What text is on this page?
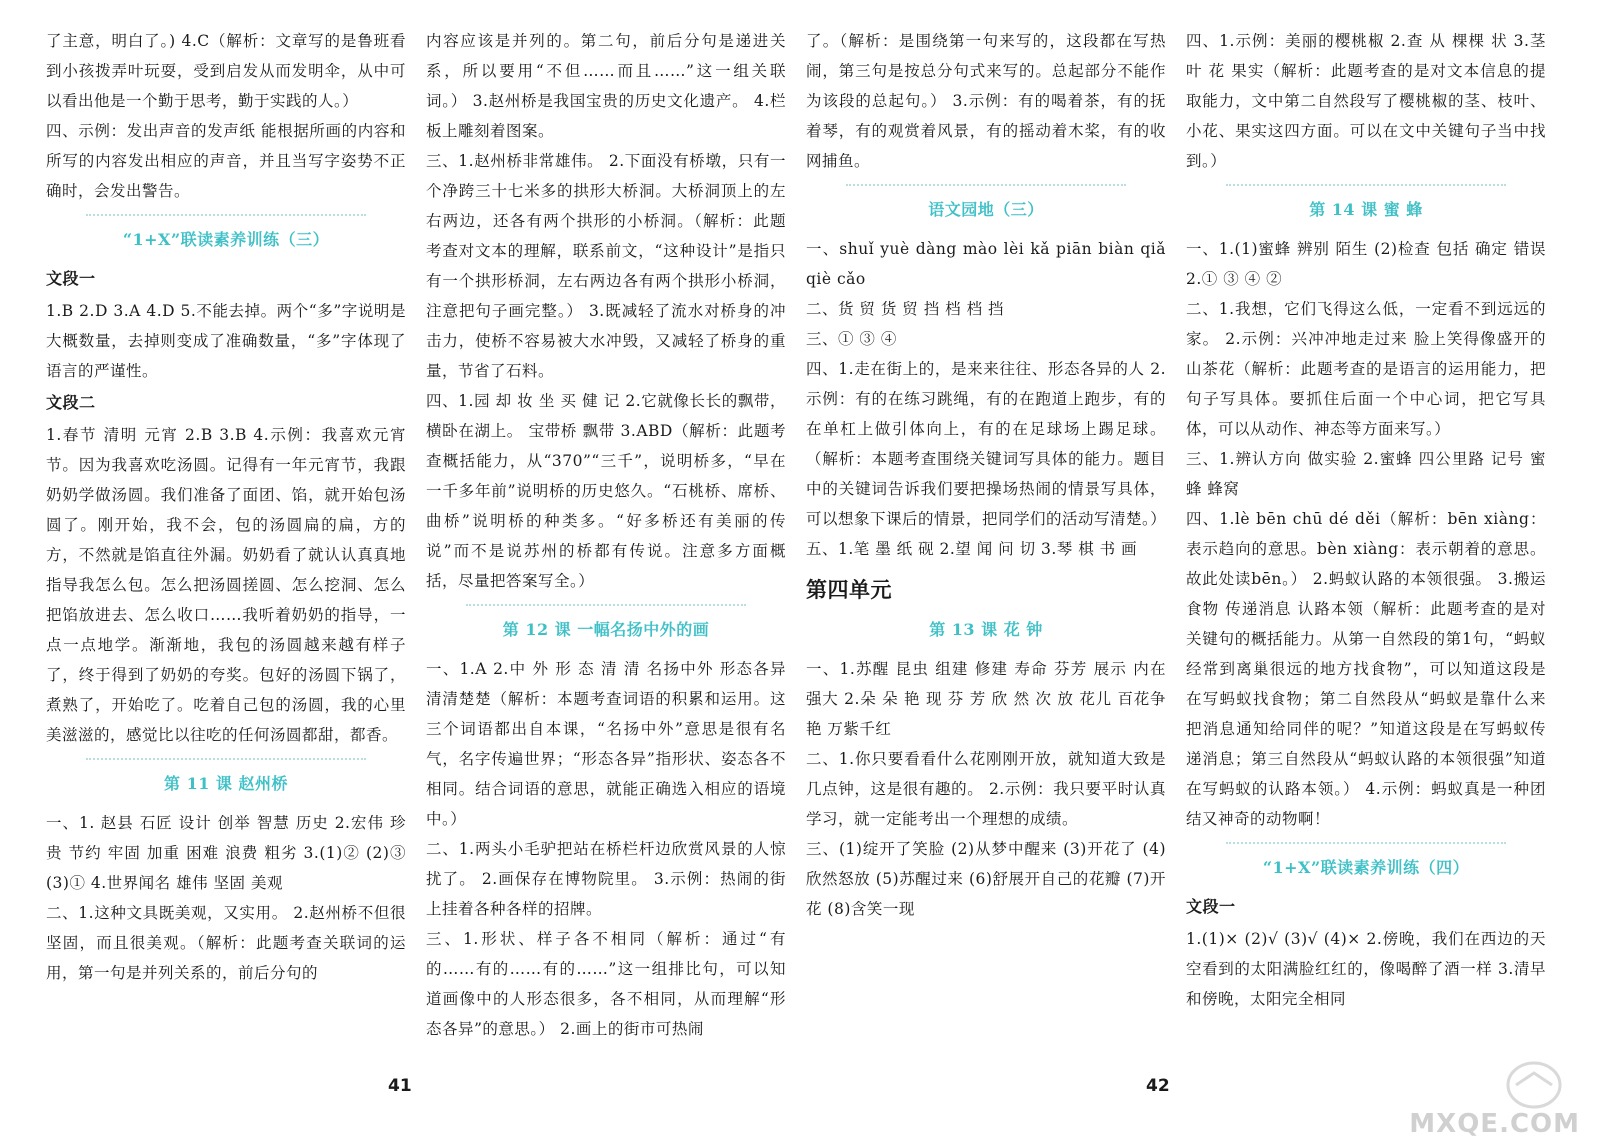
了主意，明白了。) 4.C（解析：文章写的是鲁班看到小孩拨弄叶玩耍，受到启发从而发明伞，从中可以看出他是一个勤于思考，勤于实践的人。）

四、示例：发出声音的发声纸 能根据所画的内容和所写的内容发出相应的声音，并且当写字姿势不正确时，会发出警告。

“1+X”联读素养训练（三）
文段一

1.B 2.D 3.A 4.D 5.不能去掉。两个“多”字说明是大概数量，去掉则变成了准确数量，“多”字体现了语言的严谨性。

文段二

1.春节 清明 元宵 2.B 3.B 4.示例：我喜欢元宵节。因为我喜欢吃汤圆。记得有一年元宵节，我跟奶奶学做汤圆。我们准备了面团、馅，就开始包汤圆了。刚开始，我不会，包的汤圆扁的扁，方的方，不然就是馅直往外漏。奶奶看了就认认真真地指导我怎么包。怎么把汤圆搓圆、怎么挖洞、怎么把馅放进去、怎么收口……我听着奶奶的指导，一点一点地学。渐渐地，我包的汤圆越来越有样子了，终于得到了奶奶的夸奖。包好的汤圆下锅了，煮熟了，开始吃了。吃着自己包的汤圆，我的心里美滋滋的，感觉比以往吃的任何汤圆都甜，都香。

第 11 课 赵州桥

一、1. 赵县 石匠 设计 创举 智慧 历史 2.宏伟 珍贵 节约 牢固 加重 困难 浪费 粗劣 3.(1)② (2)③ (3)① 4.世界闻名 雄伟 坚固 美观

二、1.这种文具既美观，又实用。 2.赵州桥不但很坚固，而且很美观。（解析：此题考查关联词的运用，第一句是并列关系的，前后分句的

内容应该是并列的。第二句，前后分句是递进关系，所以要用“不但……而且……”这一组关联词。） 3.赵州桥是我国宝贵的历史文化遗产。 4.栏板上雕刻着图案。

三、1.赵州桥非常雄伟。 2.下面没有桥墩，只有一个净跨三十七米多的拱形大桥洞。大桥洞顶上的左右两边，还各有两个拱形的小桥洞。（解析：此题考查对文本的理解，联系前文，“这种设计”是指只有一个拱形桥洞，左右两边各有两个拱形小桥洞，注意把句子画完整。） 3.既减轻了流水对桥身的冲击力，使桥不容易被大水冲毁，又减轻了桥身的重量，节省了石料。

四、1.园 却 妆 坐 买 健 记 2.它就像长长的飘带，横卧在湖上。 宝带桥 飘带 3.ABD（解析：此题考查概括能力，从“370”“三千”，说明桥多，“早在一千多年前”说明桥的历史悠久。“石桃桥、席桥、曲桥”说明桥的种类多。“好多桥还有美丽的传说”而不是说苏州的桥都有传说。注意多方面概括，尽量把答案写全。）

第 12 课 一幅名扬中外的画

一、1.A 2.中 外 形 态 清 清 名扬中外 形态各异 清清楚楚（解析：本题考查词语的积累和运用。这三个词语都出自本课，“名扬中外”意思是很有名气，名字传遍世界；“形态各异”指形状、姿态各不相同。结合词语的意思，就能正确选入相应的语境中。）

二、1.两头小毛驴把站在桥栏杆边欣赏风景的人惊扰了。 2.画保存在博物院里。 3.示例：热闹的街上挂着各种各样的招牌。

三、1.形状、样子各不相同（解析：通过“有的……有的……有的……”这一组排比句，可以知道画像中的人形态很多，各不相同，从而理解“形态各异”的意思。） 2.画上的街市可热闹

了。（解析：是围绕第一句来写的，这段都在写热闹，第三句是按总分句式来写的。总起部分不能作为该段的总起句。） 3.示例：有的喝着茶，有的抚着琴，有的观赏着风景，有的摇动着木桨，有的收网捕鱼。

语文园地（三）

一、shuǐ yuè dàng mào lèi kǎ piān biàn qiǎ qiè cǎo

二、货 贸 货 贸 挡 档 档 挡

三、① ③ ④

四、1.走在街上的，是来来往往、形态各异的人 2.示例：有的在练习跳绳，有的在跑道上跑步，有的在单杠上做引体向上，有的在足球场上踢足球。（解析：本题考查围绕关键词写具体的能力。题目中的关键词告诉我们要把操场热闹的情景写具体，可以想象下课后的情景，把同学们的活动写清楚。）

五、1.笔 墨 纸 砚 2.望 闻 问 切 3.琴 棋 书 画

第四单元
第 13 课 花 钟

一、1.苏醒 昆虫 组建 修建 寿命 芬芳 展示 内在 强大 2.朵 朵 艳 现 芬 芳 欣 然 次 放 花儿 百花争艳 万紫千红

二、1.你只要看看什么花刚刚开放，就知道大致是几点钟，这是很有趣的。 2.示例：我只要平时认真学习，就一定能考出一个理想的成绩。

三、(1)绽开了笑脸 (2)从梦中醒来 (3)开花了 (4)欣然怒放 (5)苏醒过来 (6)舒展开自己的花瓣 (7)开花 (8)含笑一现

四、1.示例：美丽的樱桃椒 2.查 从 棵棵 状 3.茎 叶 花 果实（解析：此题考查的是对文本信息的提取能力，文中第二自然段写了樱桃椒的茎、枝叶、小花、果实这四方面。可以在文中关键句子当中找到。）

第 14 课 蜜 蜂

一、1.(1)蜜蜂 辨别 陌生 (2)检查 包括 确定 错误 2.① ③ ④ ②

二、1.我想，它们飞得这么低，一定看不到远远的家。 2.示例：兴冲冲地走过来 脸上笑得像盛开的山茶花（解析：此题考查的是语言的运用能力，把句子写具体。要抓住后面一个中心词，把它写具体，可以从动作、神态等方面来写。）

三、1.辨认方向 做实验 2.蜜蜂 四公里路 记号 蜜蜂 蜂窝

四、1.lè bēn chū dé děi（解析：bēn xiàng：表示趋向的意思。bèn xiàng：表示朝着的意思。故此处读bēn。） 2.蚂蚁认路的本领很强。 3.搬运食物 传递消息 认路本领（解析：此题考查的是对关键句的概括能力。从第一自然段的第1句，“蚂蚁经常到离巢很远的地方找食物”，可以知道这段是在写蚂蚁找食物；第二自然段从“蚂蚁是靠什么来把消息通知给同伴的呢？”知道这段是在写蚂蚁传递消息；第三自然段从“蚂蚁认路的本领很强”知道在写蚂蚁的认路本领。） 4.示例：蚂蚁真是一种团结又神奇的动物啊！

“1+X”联读素养训练（四）
文段一

1.(1)× (2)√ (3)√ (4)× 2.傍晚，我们在西边的天空看到的太阳满脸红红的，像喝醉了酒一样 3.清早和傍晚，太阳完全相同

41	42
MXQE.COM
